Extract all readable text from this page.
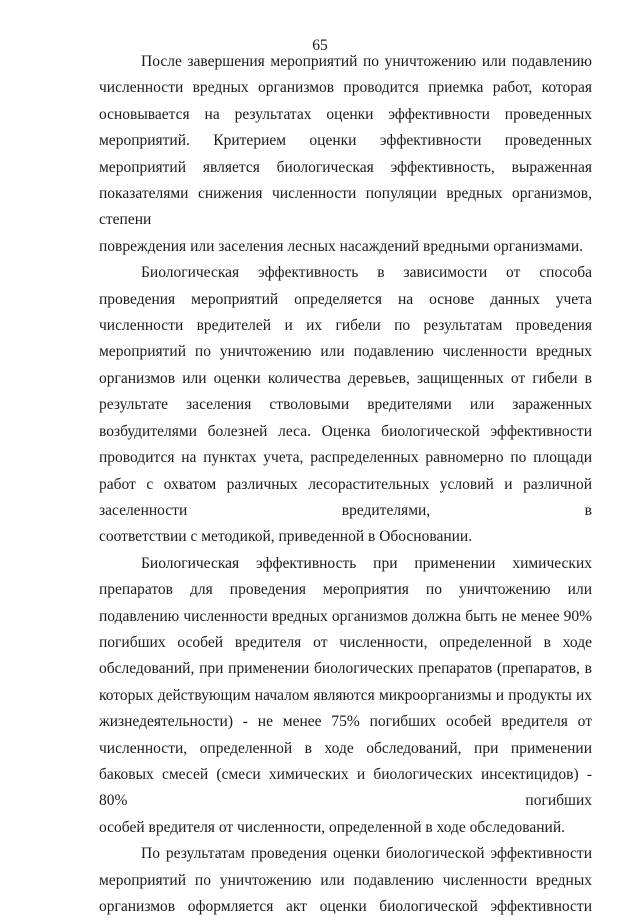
65
После завершения мероприятий по уничтожению или подавлению численности вредных организмов проводится приемка работ, которая основывается на результатах оценки эффективности проведенных мероприятий. Критерием оценки эффективности проведенных мероприятий является биологическая эффективность, выраженная показателями снижения численности популяции вредных организмов, степени
повреждения или заселения лесных насаждений вредными организмами.
Биологическая эффективность в зависимости от способа проведения мероприятий определяется на основе данных учета численности вредителей и их гибели по результатам проведения мероприятий по уничтожению или подавлению численности вредных организмов или оценки количества деревьев, защищенных от гибели в результате заселения стволовыми вредителями или зараженных возбудителями болезней леса. Оценка биологической эффективности проводится на пунктах учета, распределенных равномерно по площади работ с охватом различных лесорастительных условий и различной заселенности вредителями, в
соответствии с методикой, приведенной в Обосновании.
Биологическая эффективность при применении химических препаратов для проведения мероприятия по уничтожению или подавлению численности вредных организмов должна быть не менее 90% погибших особей вредителя от численности, определенной в ходе обследований, при применении биологических препаратов (препаратов, в которых действующим началом являются микроорганизмы и продукты их жизнедеятельности) - не менее 75% погибших особей вредителя от численности, определенной в ходе обследований, при применении баковых смесей (смеси химических и биологических инсектицидов) - 80% погибших
особей вредителя от численности, определенной в ходе обследований.
По результатам проведения оценки биологической эффективности мероприятий по уничтожению или подавлению численности вредных организмов оформляется акт оценки биологической эффективности
